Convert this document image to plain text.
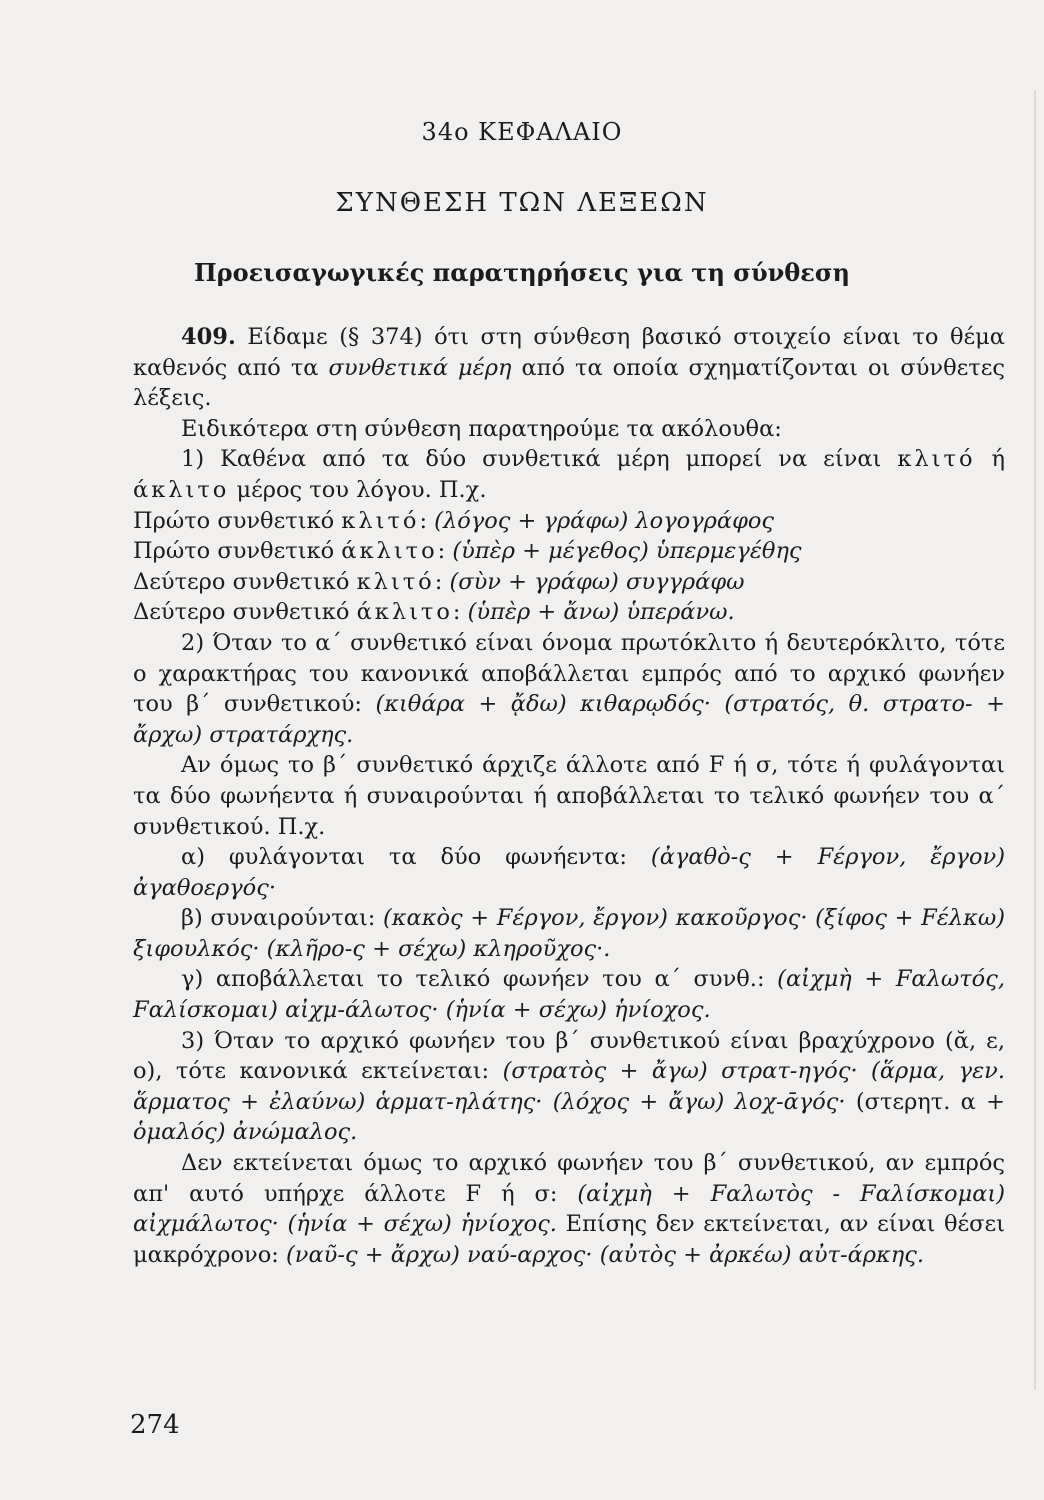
34ο ΚΕΦΑΛΑΙΟ
ΣΥΝΘΕΣΗ ΤΩΝ ΛΕΞΕΩΝ
Προεισαγωγικές παρατηρήσεις για τη σύνθεση

409. Είδαμε (§ 374) ότι στη σύνθεση βασικό στοιχείο είναι το θέμα καθενός από τα συνθετικά μέρη από τα οποία σχηματίζονται οι σύνθετες λέξεις.

Ειδικότερα στη σύνθεση παρατηρούμε τα ακόλουθα:

1) Καθένα από τα δύο συνθετικά μέρη μπορεί να είναι κλιτό ή άκλιτο μέρος του λόγου. Π.χ.

Πρώτο συνθετικό κλιτό: (λόγος + γράφω) λογογράφος

Πρώτο συνθετικό άκλιτο: (ὑπὲρ + μέγεθος) ὑπερμεγέθης

Δεύτερο συνθετικό κλιτό: (σὺν + γράφω) συγγράφω

Δεύτερο συνθετικό άκλιτο: (ὑπὲρ + ἄνω) ὑπεράνω.

2) Όταν το α΄ συνθετικό είναι όνομα πρωτόκλιτο ή δευτερόκλιτο, τότε ο χαρακτήρας του κανονικά αποβάλλεται εμπρός από το αρχικό φωνήεν του β΄ συνθετικού: (κιθάρα + ᾄδω) κιθαρῳδός· (στρατός, θ. στρατο- + ἄρχω) στρατάρχης.

Αν όμως το β΄ συνθετικό άρχιζε άλλοτε από F ή σ, τότε ή φυλάγονται τα δύο φωνήεντα ή συναιρούνται ή αποβάλλεται το τελικό φωνήεν του α΄ συνθετικού. Π.χ.

α) φυλάγονται τα δύο φωνήεντα: (ἀγαθὸ-ς + Fέργον, ἔργον) ἀγαθοεργός·

β) συναιρούνται: (κακὸς + Fέργον, ἔργον) κακοῦργος· (ξίφος + Fέλκω) ξιφουλκός· (κλῆρο-ς + σέχω) κληροῦχος·.

γ) αποβάλλεται το τελικό φωνήεν του α΄ συνθ.: (αἰχμὴ + Fαλωτός, Fαλίσκομαι) αἰχμ-άλωτος· (ἡνία + σέχω) ἡνίοχος.

3) Όταν το αρχικό φωνήεν του β΄ συνθετικού είναι βραχύχρονο (ᾰ, ε, ο), τότε κανονικά εκτείνεται: (στρατὸς + ἄγω) στρατ-ηγός· (ἅρμα, γεν. ἅρματος + ἐλαύνω) ἁρματ-ηλάτης· (λόχος + ἄγω) λοχ-ᾱγός· (στερητ. α + ὁμαλός) ἀνώμαλος.

Δεν εκτείνεται όμως το αρχικό φωνήεν του β΄ συνθετικού, αν εμπρός απ' αυτό υπήρχε άλλοτε F ή σ: (αἰχμὴ + Fαλωτὸς - Fαλίσκομαι) αἰχμάλωτος· (ἡνία + σέχω) ἡνίοχος. Επίσης δεν εκτείνεται, αν είναι θέσει μακρόχρονο: (ναῦ-ς + ἄρχω) ναύ-αρχος· (αὐτὸς + ἀρκέω) αὐτ-άρκης.

274
